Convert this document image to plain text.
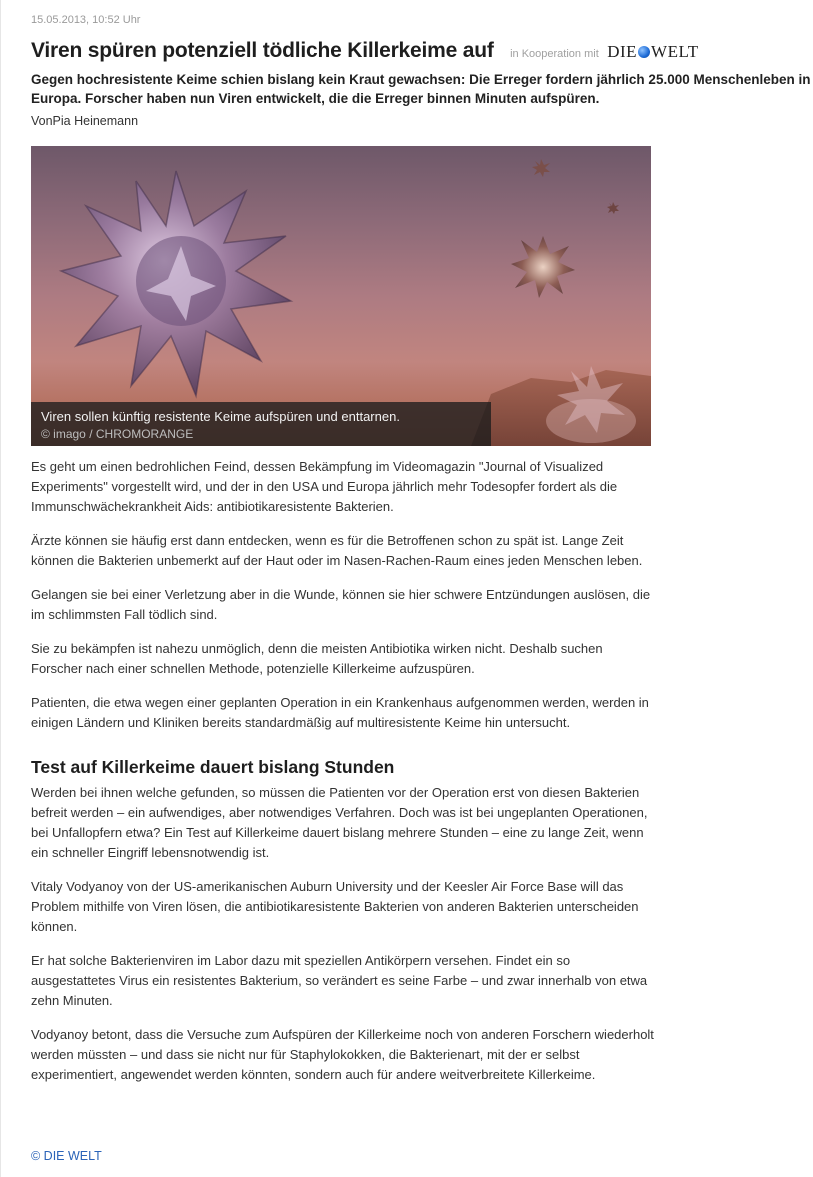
15.05.2013, 10:52 Uhr
Viren spüren potenziell tödliche Killerkeime auf in Kooperation mit DIE WELT
Gegen hochresistente Keime schien bislang kein Kraut gewachsen: Die Erreger fordern jährlich 25.000 Menschenleben in Europa. Forscher haben nun Viren entwickelt, die die Erreger binnen Minuten aufspüren.
VonPia Heinemann
Viren sollen künftig resistente Keime aufspüren und enttarnen.
© imago / CHROMORANGE

Es geht um einen bedrohlichen Feind, dessen Bekämpfung im Videomagazin "Journal of Visualized Experiments" vorgestellt wird, und der in den USA und Europa jährlich mehr Todesopfer fordert als die Immunschwächekrankheit Aids: antibiotikaresistente Bakterien.

Ärzte können sie häufig erst dann entdecken, wenn es für die Betroffenen schon zu spät ist. Lange Zeit können die Bakterien unbemerkt auf der Haut oder im Nasen-Rachen-Raum eines jeden Menschen leben.

Gelangen sie bei einer Verletzung aber in die Wunde, können sie hier schwere Entzündungen auslösen, die im schlimmsten Fall tödlich sind.

Sie zu bekämpfen ist nahezu unmöglich, denn die meisten Antibiotika wirken nicht. Deshalb suchen Forscher nach einer schnellen Methode, potenzielle Killerkeime aufzuspüren.

Patienten, die etwa wegen einer geplanten Operation in ein Krankenhaus aufgenommen werden, werden in einigen Ländern und Kliniken bereits standardmäßig auf multiresistente Keime hin untersucht.

Test auf Killerkeime dauert bislang Stunden

Werden bei ihnen welche gefunden, so müssen die Patienten vor der Operation erst von diesen Bakterien befreit werden – ein aufwendiges, aber notwendiges Verfahren. Doch was ist bei ungeplanten Operationen, bei Unfallopfern etwa? Ein Test auf Killerkeime dauert bislang mehrere Stunden – eine zu lange Zeit, wenn ein schneller Eingriff lebensnotwendig ist.

Vitaly Vodyanoy von der US-amerikanischen Auburn University und der Keesler Air Force Base will das Problem mithilfe von Viren lösen, die antibiotikaresistente Bakterien von anderen Bakterien unterscheiden können.

Er hat solche Bakterienviren im Labor dazu mit speziellen Antikörpern versehen. Findet ein so ausgestattetes Virus ein resistentes Bakterium, so verändert es seine Farbe – und zwar innerhalb von etwa zehn Minuten.

Vodyanoy betont, dass die Versuche zum Aufspüren der Killerkeime noch von anderen Forschern wiederholt werden müssten – und dass sie nicht nur für Staphylokokken, die Bakterienart, mit der er selbst experimentiert, angewendet werden könnten, sondern auch für andere weitverbreitete Killerkeime.

© DIE WELT
